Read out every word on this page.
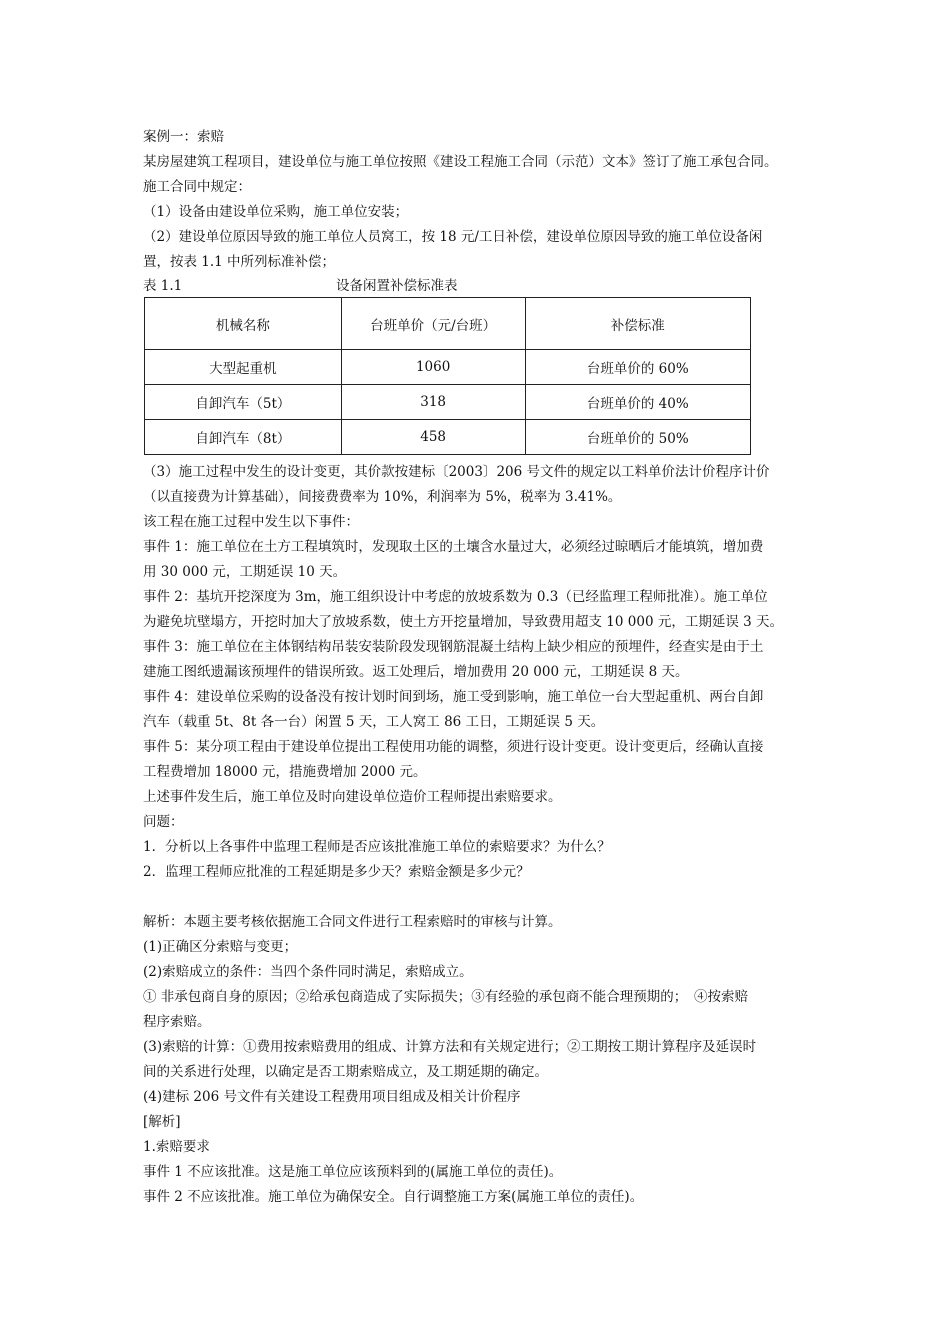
案例一：索赔
某房屋建筑工程项目，建设单位与施工单位按照《建设工程施工合同（示范）文本》签订了施工承包合同。
施工合同中规定：
（1）设备由建设单位采购，施工单位安装；
（2）建设单位原因导致的施工单位人员窝工，按 18 元/工日补偿，建设单位原因导致的施工单位设备闲
置，按表 1.1 中所列标准补偿；
表 1.1	设备闲置补偿标准表
机械名称	台班单价（元/台班）	补偿标准
大型起重机	1060	台班单价的 60%
自卸汽车（5t）	318	台班单价的 40%
自卸汽车（8t）	458	台班单价的 50%
（3）施工过程中发生的设计变更，其价款按建标〔2003〕206 号文件的规定以工料单价法计价程序计价
（以直接费为计算基础），间接费费率为 10%，利润率为 5%，税率为 3.41%。
该工程在施工过程中发生以下事件：
事件 1：施工单位在土方工程填筑时，发现取土区的土壤含水量过大，必须经过晾晒后才能填筑，增加费
用 30 000 元，工期延误 10 天。
事件 2：基坑开挖深度为 3m，施工组织设计中考虑的放坡系数为 0.3（已经监理工程师批准）。施工单位
为避免坑壁塌方，开挖时加大了放坡系数，使土方开挖量增加，导致费用超支 10 000 元，工期延误 3 天。
事件 3：施工单位在主体钢结构吊装安装阶段发现钢筋混凝土结构上缺少相应的预埋件，经查实是由于土
建施工图纸遗漏该预埋件的错误所致。返工处理后，增加费用 20 000 元，工期延误 8 天。
事件 4：建设单位采购的设备没有按计划时间到场，施工受到影响，施工单位一台大型起重机、两台自卸
汽车（载重 5t、8t 各一台）闲置 5 天，工人窝工 86 工日，工期延误 5 天。
事件 5：某分项工程由于建设单位提出工程使用功能的调整，须进行设计变更。设计变更后，经确认直接
工程费增加 18000 元，措施费增加 2000 元。
上述事件发生后，施工单位及时向建设单位造价工程师提出索赔要求。
问题：
1．分析以上各事件中监理工程师是否应该批准施工单位的索赔要求？为什么？
2．监理工程师应批准的工程延期是多少天？索赔金额是多少元？
解析：本题主要考核依据施工合同文件进行工程索赔时的审核与计算。
(1)正确区分索赔与变更；
(2)索赔成立的条件：当四个条件同时满足，索赔成立。
① 非承包商自身的原因；②给承包商造成了实际损失；③有经验的承包商不能合理预期的；　④按索赔
程序索赔。
(3)索赔的计算：①费用按索赔费用的组成、计算方法和有关规定进行；②工期按工期计算程序及延误时
间的关系进行处理，以确定是否工期索赔成立，及工期延期的确定。
(4)建标 206 号文件有关建设工程费用项目组成及相关计价程序
[解析]
1.索赔要求
事件 1 不应该批准。这是施工单位应该预料到的(属施工单位的责任)。
事件 2 不应该批准。施工单位为确保安全。自行调整施工方案(属施工单位的责任)。
